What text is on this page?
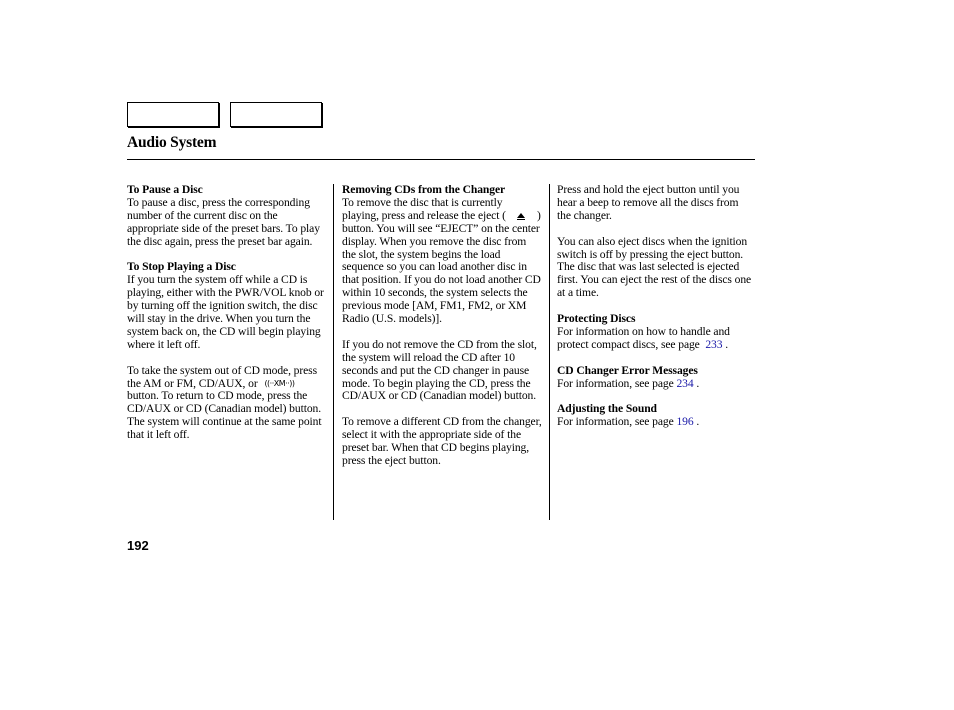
Audio System
To Pause a Disc
To pause a disc, press the corresponding number of the current disc on the appropriate side of the preset bars. To play the disc again, press the preset bar again.
To Stop Playing a Disc
If you turn the system off while a CD is playing, either with the PWR/VOL knob or by turning off the ignition switch, the disc will stay in the drive. When you turn the system back on, the CD will begin playing where it left off.
To take the system out of CD mode, press the AM or FM, CD/AUX, or ((··XM··))button. To return to CD mode, press the CD/AUX or CD (Canadian model) button. The system will continue at the same point that it left off.
Removing CDs from the Changer
To remove the disc that is currently playing, press and release the eject (	) button. You will see “EJECT” on the center display. When you remove the disc from the slot, the system begins the load sequence so you can load another disc in that position. If you do not load another CD within 10 seconds, the system selects the previous mode [AM, FM1, FM2, or XM Radio (U.S. models)].
If you do not remove the CD from the slot, the system will reload the CD after 10 seconds and put the CD changer in pause mode. To begin playing the CD, press the CD/AUX or CD (Canadian model) button.
To remove a different CD from the changer, select it with the appropriate side of the preset bar. When that CD begins playing, press the eject button.
Press and hold the eject button until you hear a beep to remove all the discs from the changer.
You can also eject discs when the ignition switch is off by pressing the eject button. The disc that was last selected is ejected first. You can eject the rest of the discs one at a time.
Protecting Discs
For information on how to handle and protect compact discs, see page 233 .
CD Changer Error Messages
For information, see page 234 .
Adjusting the Sound
For information, see page 196 .
192
